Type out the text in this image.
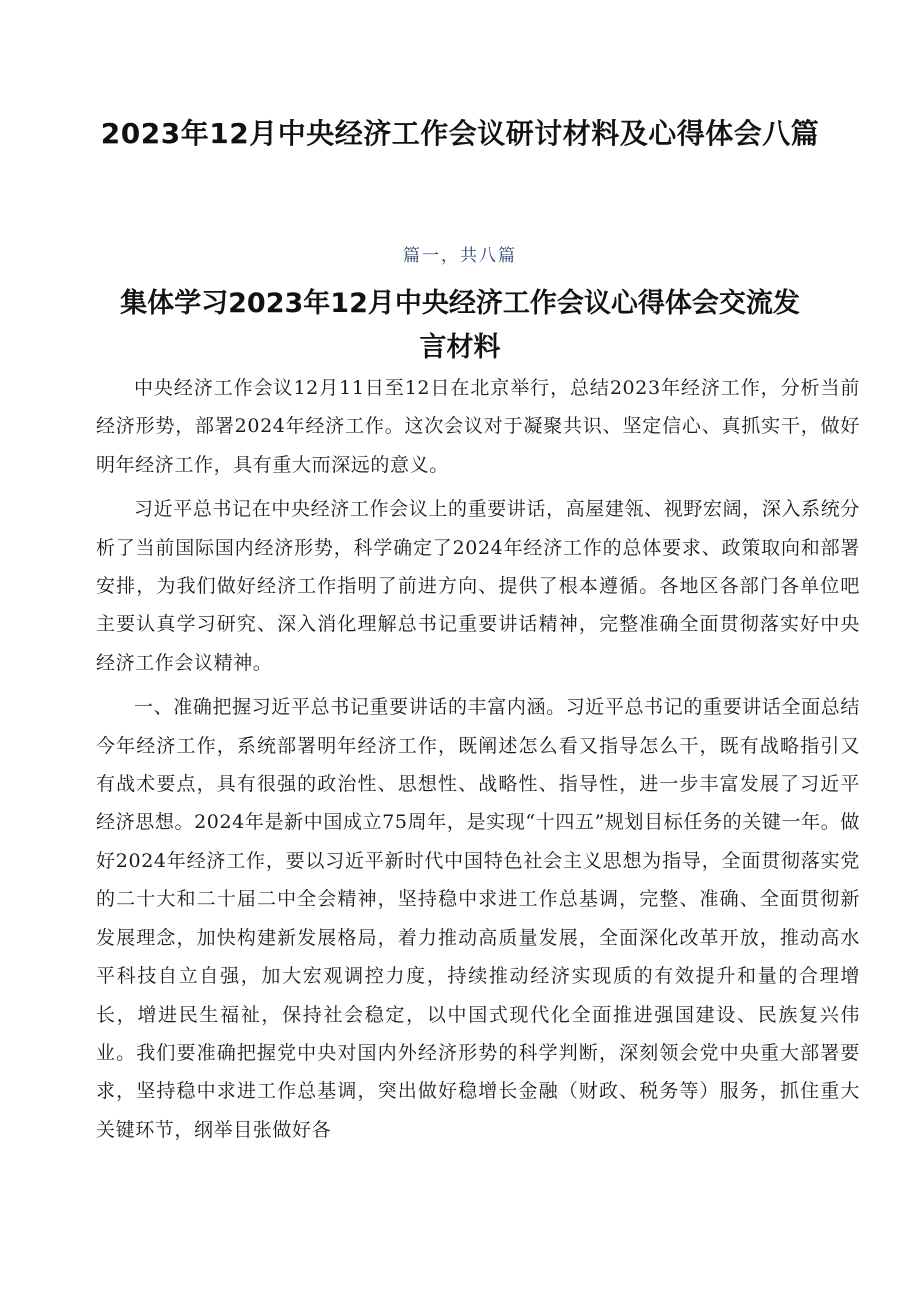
2023年12月中央经济工作会议研讨材料及心得体会八篇
篇一，共八篇
集体学习2023年12月中央经济工作会议心得体会交流发言材料

中央经济工作会议12月11日至12日在北京举行，总结2023年经济工作，分析当前经济形势，部署2024年经济工作。这次会议对于凝聚共识、坚定信心、真抓实干，做好明年经济工作，具有重大而深远的意义。

习近平总书记在中央经济工作会议上的重要讲话，高屋建瓴、视野宏阔，深入系统分析了当前国际国内经济形势，科学确定了2024年经济工作的总体要求、政策取向和部署安排，为我们做好经济工作指明了前进方向、提供了根本遵循。各地区各部门各单位吧主要认真学习研究、深入消化理解总书记重要讲话精神，完整准确全面贯彻落实好中央经济工作会议精神。

一、准确把握习近平总书记重要讲话的丰富内涵。习近平总书记的重要讲话全面总结今年经济工作，系统部署明年经济工作，既阐述怎么看又指导怎么干，既有战略指引又有战术要点，具有很强的政治性、思想性、战略性、指导性，进一步丰富发展了习近平经济思想。2024年是新中国成立75周年，是实现“十四五”规划目标任务的关键一年。做好2024年经济工作，要以习近平新时代中国特色社会主义思想为指导，全面贯彻落实党的二十大和二十届二中全会精神，坚持稳中求进工作总基调，完整、准确、全面贯彻新发展理念，加快构建新发展格局，着力推动高质量发展，全面深化改革开放，推动高水平科技自立自强，加大宏观调控力度，持续推动经济实现质的有效提升和量的合理增长，增进民生福祉，保持社会稳定，以中国式现代化全面推进强国建设、民族复兴伟业。我们要准确把握党中央对国内外经济形势的科学判断，深刻领会党中央重大部署要求，坚持稳中求进工作总基调，突出做好稳增长金融（财政、税务等）服务，抓住重大关键环节，纲举目张做好各
